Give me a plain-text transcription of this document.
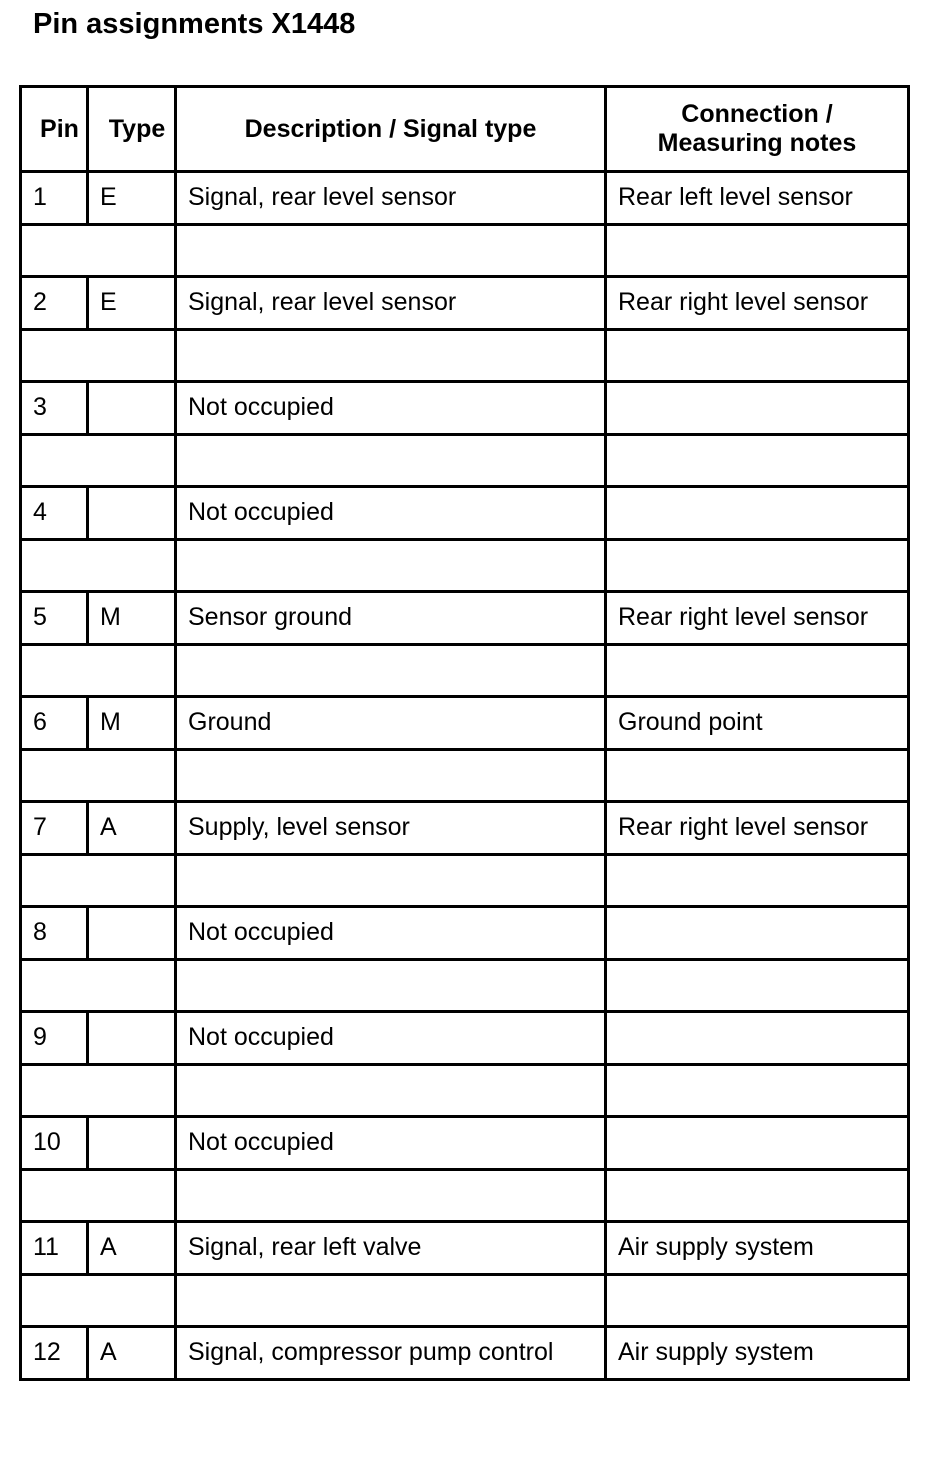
Pin assignments X1448
Pin	Type	Description / Signal type	Connection /
Measuring notes
1	E	Signal, rear level sensor	Rear left level sensor

2	E	Signal, rear level sensor	Rear right level sensor

3		Not occupied	

4		Not occupied	

5	M	Sensor ground	Rear right level sensor

6	M	Ground	Ground point

7	A	Supply, level sensor	Rear right level sensor

8		Not occupied	

9		Not occupied	

10		Not occupied	

11	A	Signal, rear left valve	Air supply system

12	A	Signal, compressor pump control	Air supply system
